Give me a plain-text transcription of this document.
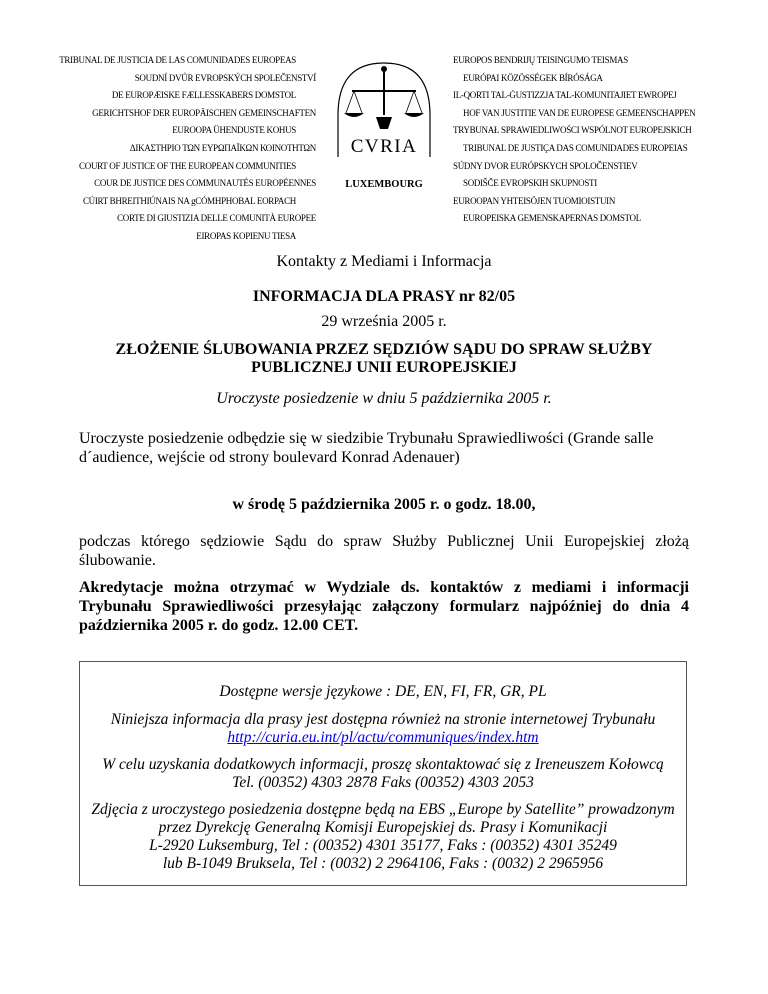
TRIBUNAL DE JUSTICIA DE LAS COMUNIDADES EUROPEAS
SOUDNÍ DVŮR EVROPSKÝCH SPOLEČENSTVÍ
DE EUROPÆISKE FÆLLESSKABERS DOMSTOL
GERICHTSHOF DER EUROPÄISCHEN GEMEINSCHAFTEN
EUROOPA ÜHENDUSTE KOHUS
ΔΙΚΑΣΤΗΡΙΟ ΤΩΝ ΕΥΡΩΠΑΪΚΩΝ ΚΟΙΝΟΤΗΤΩΝ
COURT OF JUSTICE OF THE EUROPEAN COMMUNITIES
COUR DE JUSTICE DES COMMUNAUTÉS EUROPÉENNES
CÚIRT BHREITHIÚNAIS NA gCÓMHPHOBAL EORPACH
CORTE DI GIUSTIZIA DELLE COMUNITÀ EUROPEE
EIROPAS KOPIENU TIESA
CVRIA
LUXEMBOURG
EUROPOS BENDRIJŲ TEISINGUMO TEISMAS
EURÓPAI KÖZÖSSÉGEK BÍRÓSÁGA
IL-QORTI TAL-ĠUSTIZZJA TAL-KOMUNITAJIET EWROPEJ
HOF VAN JUSTITIE VAN DE EUROPESE GEMEENSCHAPPEN
TRYBUNAŁ SPRAWIEDLIWOŚCI WSPÓLNOT EUROPEJSKICH
TRIBUNAL DE JUSTIÇA DAS COMUNIDADES EUROPEIAS
SÚDNY DVOR EURÓPSKYCH SPOLOČENSTIEV
SODIŠČE EVROPSKIH SKUPNOSTI
EUROOPAN YHTEISÖJEN TUOMIOISTUIN
EUROPEISKA GEMENSKAPERNAS DOMSTOL
Kontakty z Mediami i Informacja
INFORMACJA DLA PRASY nr 82/05
29 września 2005 r.
ZŁOŻENIE ŚLUBOWANIA PRZEZ SĘDZIÓW SĄDU DO SPRAW SŁUŻBY
PUBLICZNEJ UNII EUROPEJSKIEJ
Uroczyste posiedzenie w dniu 5 października 2005 r.
Uroczyste posiedzenie odbędzie się w siedzibie Trybunału Sprawiedliwości (Grande salle
d´audience, wejście od strony boulevard Konrad Adenauer)
w środę 5 października 2005 r. o godz. 18.00,
podczas którego sędziowie Sądu do spraw Służby Publicznej Unii Europejskiej złożą
ślubowanie.
Akredytacje można otrzymać w Wydziale ds. kontaktów z mediami i informacji
Trybunału Sprawiedliwości przesyłając załączony formularz najpóźniej do dnia 4
października 2005 r. do godz. 12.00 CET.
Dostępne wersje językowe : DE, EN, FI, FR, GR, PL
Niniejsza informacja dla prasy jest dostępna również na stronie internetowej Trybunału
http://curia.eu.int/pl/actu/communiques/index.htm
W celu uzyskania dodatkowych informacji, proszę skontaktować się z Ireneuszem Kołowcą
Tel. (00352) 4303 2878 Faks (00352) 4303 2053
Zdjęcia z uroczystego posiedzenia dostępne będą na EBS „Europe by Satellite” prowadzonym
przez Dyrekcję Generalną Komisji Europejskiej ds. Prasy i Komunikacji
L-2920 Luksemburg, Tel : (00352) 4301 35177, Faks : (00352) 4301 35249
lub B-1049 Bruksela, Tel : (0032) 2 2964106, Faks : (0032) 2 2965956
